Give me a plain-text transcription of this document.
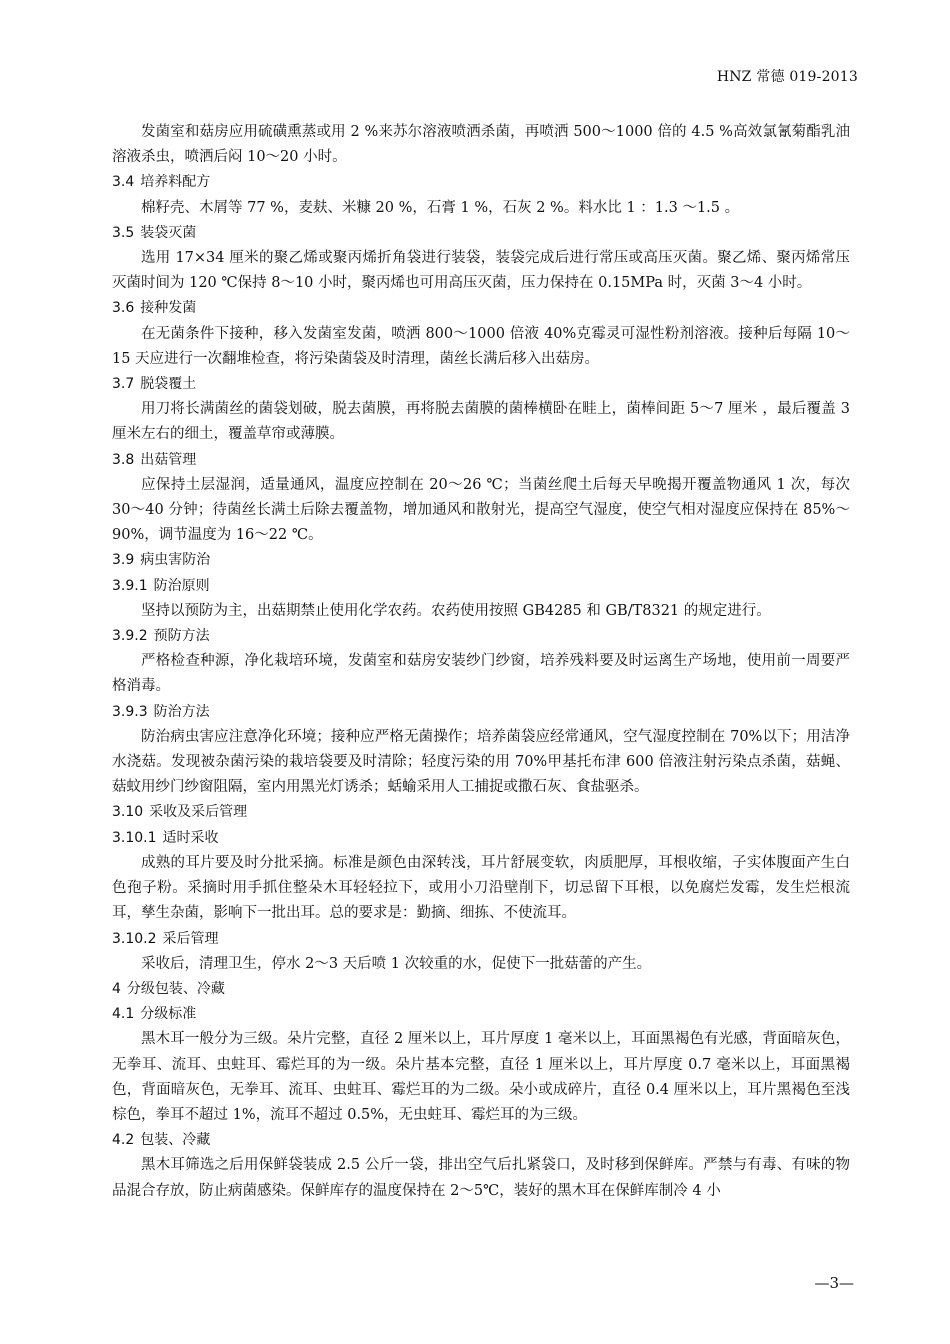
HNZ 常德 019-2013

发菌室和菇房应用硫磺熏蒸或用 2 %来苏尔溶液喷洒杀菌，再喷洒 500～1000 倍的 4.5 %高效氯氰菊酯乳油溶液杀虫，喷洒后闷 10～20 小时。

3.4 培养料配方

棉籽壳、木屑等 77 %，麦麸、米糠 20 %，石膏 1 %，石灰 2 %。料水比 1 ：1.3 ～1.5 。

3.5 装袋灭菌

选用 17×34 厘米的聚乙烯或聚丙烯折角袋进行装袋，装袋完成后进行常压或高压灭菌。聚乙烯、聚丙烯常压灭菌时间为 120 ℃保持 8～10 小时，聚丙烯也可用高压灭菌，压力保持在 0.15MPa 时，灭菌 3～4 小时。

3.6 接种发菌

在无菌条件下接种，移入发菌室发菌，喷洒 800～1000 倍液 40%克霉灵可湿性粉剂溶液。接种后每隔 10～15 天应进行一次翻堆检查，将污染菌袋及时清理，菌丝长满后移入出菇房。

3.7 脱袋覆土

用刀将长满菌丝的菌袋划破，脱去菌膜，再将脱去菌膜的菌棒横卧在畦上，菌棒间距 5～7 厘米 ，最后覆盖 3 厘米左右的细土，覆盖草帘或薄膜。

3.8 出菇管理

应保持土层湿润，适量通风，温度应控制在 20～26 ℃；当菌丝爬土后每天早晚揭开覆盖物通风 1 次，每次 30～40 分钟；待菌丝长满土后除去覆盖物，增加通风和散射光，提高空气湿度，使空气相对湿度应保持在 85%～90%，调节温度为 16～22 ℃。

3.9 病虫害防治
3.9.1 防治原则

坚持以预防为主，出菇期禁止使用化学农药。农药使用按照 GB4285 和 GB/T8321 的规定进行。

3.9.2 预防方法

严格检查种源，净化栽培环境，发菌室和菇房安装纱门纱窗，培养残料要及时运离生产场地，使用前一周要严格消毒。

3.9.3 防治方法

防治病虫害应注意净化环境；接种应严格无菌操作；培养菌袋应经常通风，空气湿度控制在 70%以下；用洁净水浇菇。发现被杂菌污染的栽培袋要及时清除；轻度污染的用 70%甲基托布津 600 倍液注射污染点杀菌，菇蝇、菇蚊用纱门纱窗阻隔，室内用黑光灯诱杀；蛞蝓采用人工捕捉或撒石灰、食盐驱杀。

3.10 采收及采后管理
3.10.1 适时采收

成熟的耳片要及时分批采摘。标准是颜色由深转浅，耳片舒展变软，肉质肥厚，耳根收缩，子实体腹面产生白色孢子粉。采摘时用手抓住整朵木耳轻轻拉下，或用小刀沿壁削下，切忌留下耳根，以免腐烂发霉，发生烂根流耳，孳生杂菌，影响下一批出耳。总的要求是：勤摘、细拣、不使流耳。

3.10.2 采后管理

采收后，清理卫生，停水 2～3 天后喷 1 次较重的水，促使下一批菇蕾的产生。

4 分级包装、冷藏
4.1 分级标准

黑木耳一般分为三级。朵片完整，直径 2 厘米以上，耳片厚度 1 毫米以上，耳面黑褐色有光感，背面暗灰色，无拳耳、流耳、虫蛀耳、霉烂耳的为一级。朵片基本完整，直径 1 厘米以上，耳片厚度 0.7 毫米以上，耳面黑褐色，背面暗灰色，无拳耳、流耳、虫蛀耳、霉烂耳的为二级。朵小或成碎片，直径 0.4 厘米以上，耳片黑褐色至浅棕色，拳耳不超过 1%，流耳不超过 0.5%，无虫蛀耳、霉烂耳的为三级。

4.2 包装、冷藏

黑木耳筛选之后用保鲜袋装成 2.5 公斤一袋，排出空气后扎紧袋口，及时移到保鲜库。严禁与有毒、有味的物品混合存放，防止病菌感染。保鲜库存的温度保持在 2～5℃，装好的黑木耳在保鲜库制冷 4 小

—3—
